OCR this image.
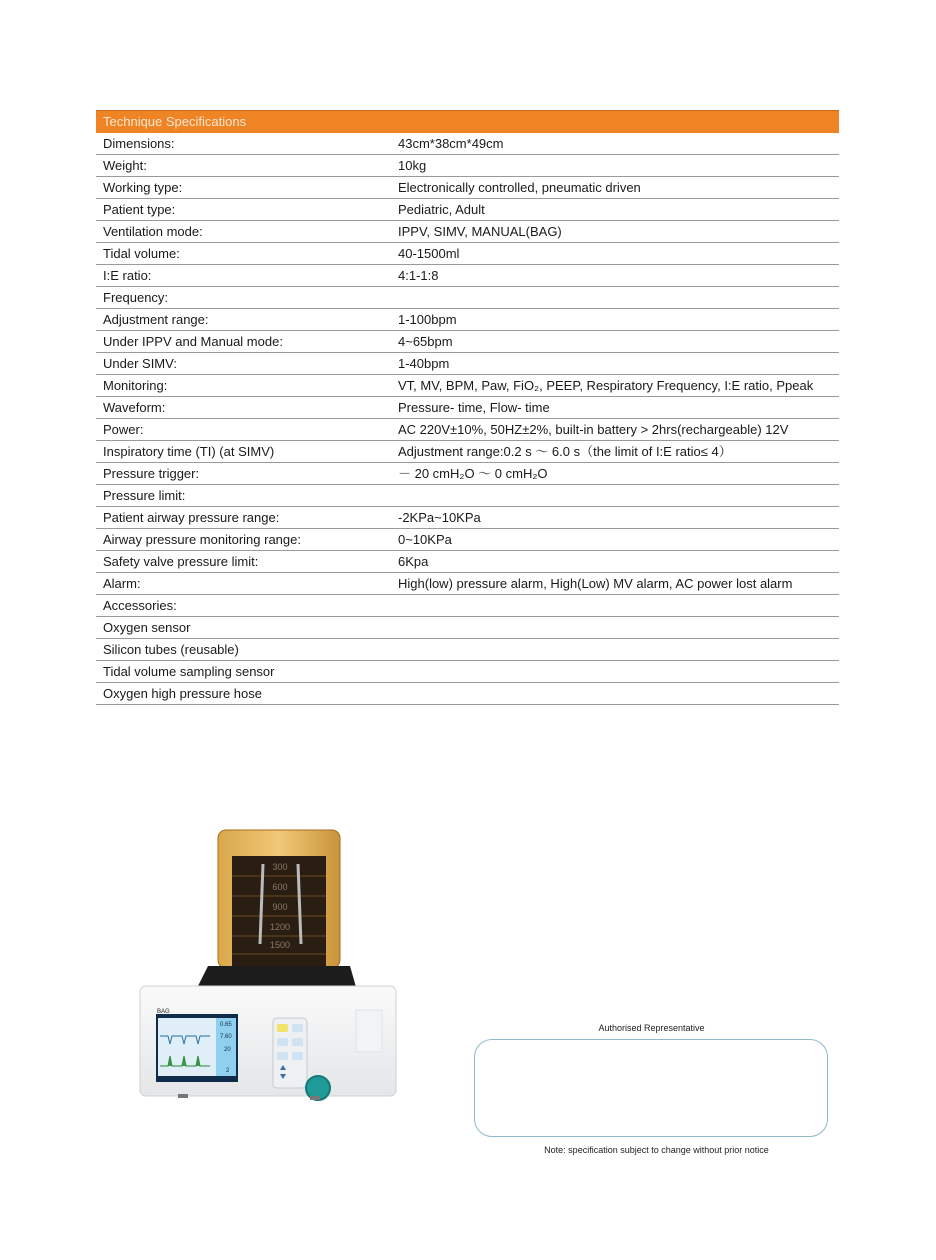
Technique Specifications
Dimensions:	43cm*38cm*49cm
Weight:	10kg
Working type:	Electronically controlled, pneumatic driven
Patient type:	Pediatric, Adult
Ventilation mode:	IPPV, SIMV, MANUAL(BAG)
Tidal volume:	40-1500ml
I:E ratio:	4:1-1:8
Frequency:
Adjustment range:	1-100bpm
Under IPPV and Manual mode:	4~65bpm
Under SIMV:	1-40bpm
Monitoring:	VT, MV, BPM, Paw, FiO₂, PEEP, Respiratory Frequency, I:E ratio, Ppeak
Waveform:	Pressure- time, Flow- time
Power:	AC 220V±10%, 50HZ±2%, built-in battery > 2hrs(rechargeable) 12V
Inspiratory time (TI) (at SIMV)	Adjustment range:0.2 s ～ 6.0 s（the limit of I:E ratio≤ 4）
Pressure trigger:	－ 20 cmH₂O ～ 0 cmH₂O
Pressure limit:
Patient airway pressure range:	-2KPa~10KPa
Airway pressure monitoring range:	0~10KPa
Safety valve pressure limit:	6Kpa
Alarm:	High(low) pressure alarm, High(Low) MV alarm, AC power lost alarm
Accessories:
Oxygen sensor
Silicon tubes (reusable)
Tidal volume sampling sensor
Oxygen high pressure hose
300
600
900
1200
1500
BAG
0.65
7.60
20
2
Authorised Representative
Note: specification subject to change without prior notice
